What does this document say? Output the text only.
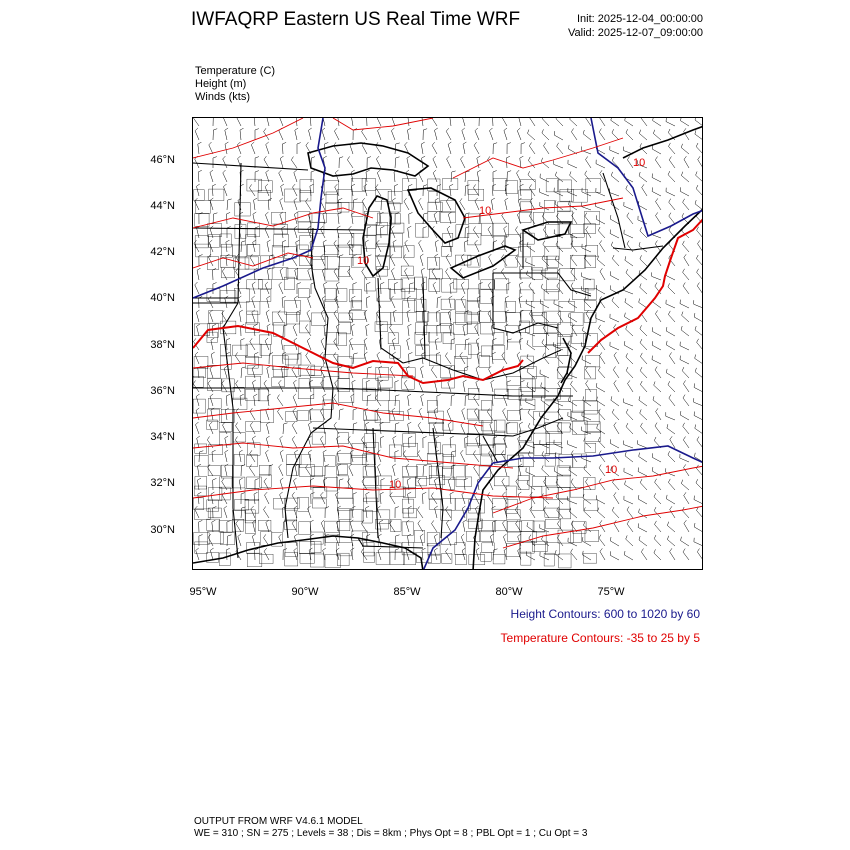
IWFAQRP Eastern US Real Time WRF	Init: 2025-12-04_00:00:00
Valid: 2025-12-07_09:00:00
Temperature (C)
Height (m)
Winds (kts)
46°N
44°N
42°N
40°N
38°N
36°N
34°N
32°N
30°N
95°W	90°W	85°W	80°W	75°W
10
10
10
10
10
Height Contours: 600 to 1020 by 60
Temperature Contours: -35 to 25 by 5
OUTPUT FROM WRF V4.6.1 MODEL
WE = 310 ; SN = 275 ; Levels = 38 ; Dis = 8km ; Phys Opt = 8 ; PBL Opt = 1 ; Cu Opt = 3
